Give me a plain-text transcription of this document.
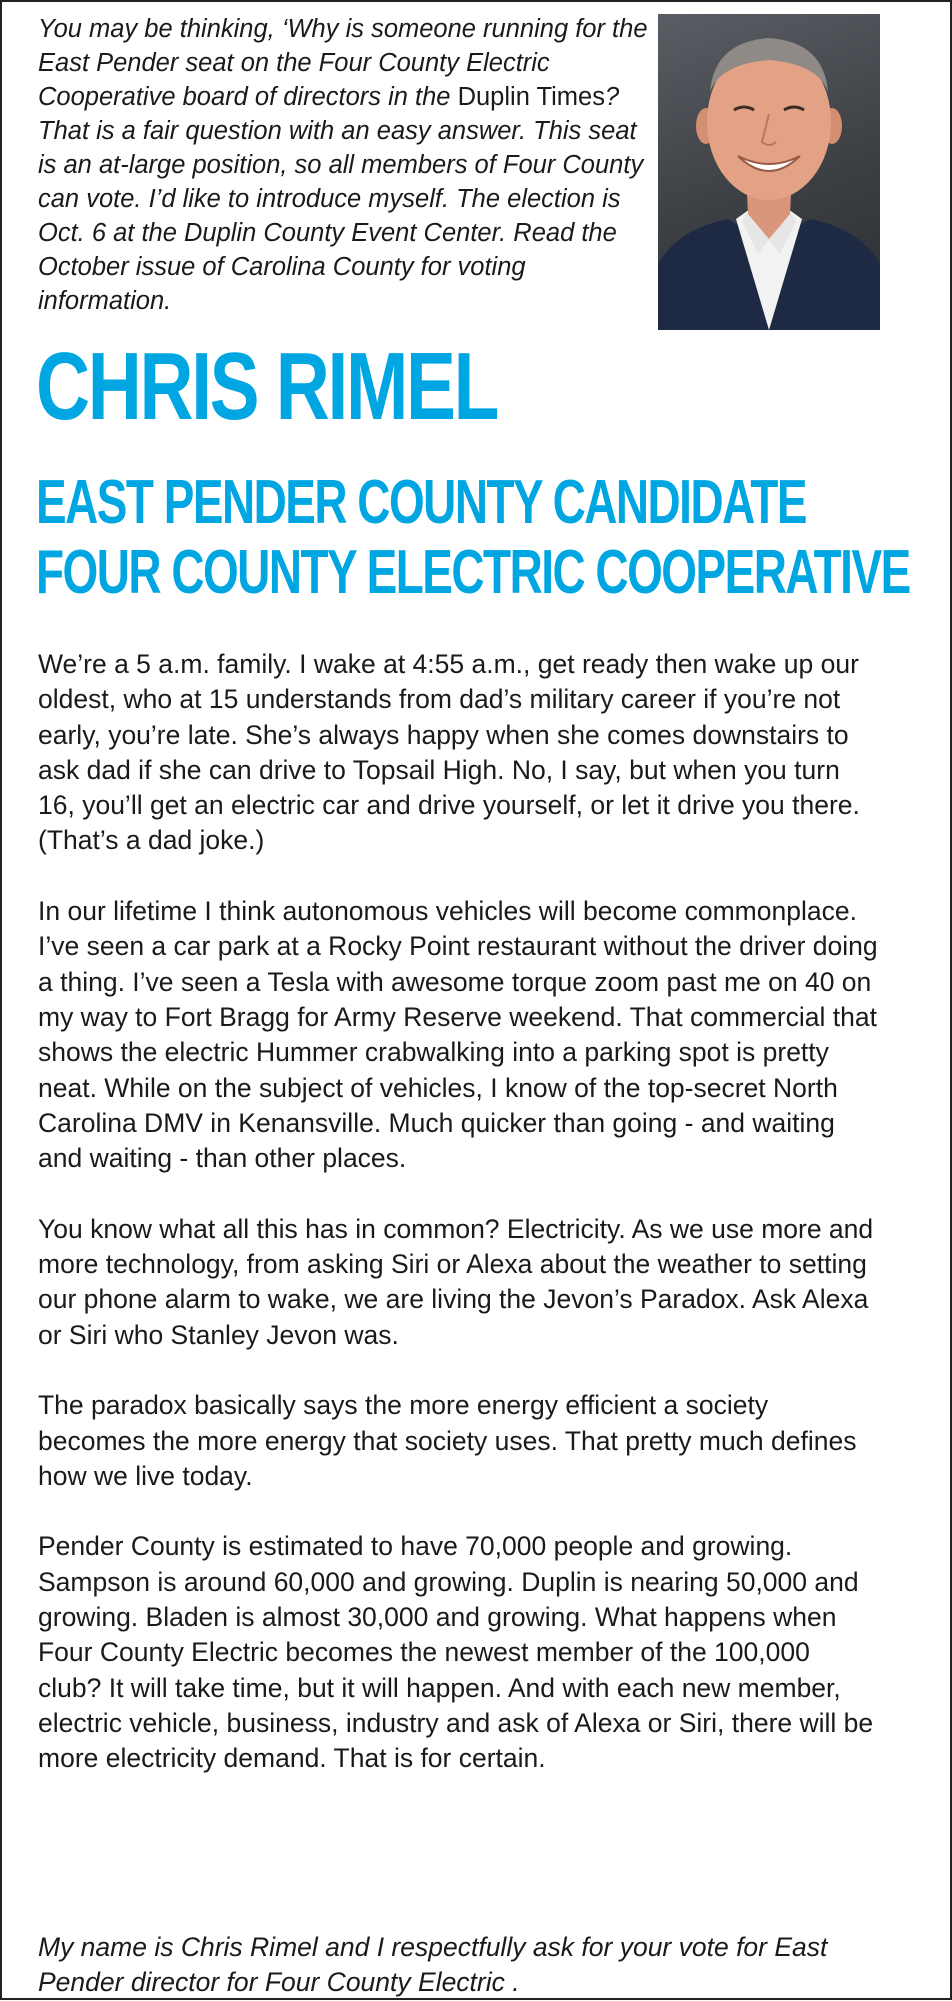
You may be thinking, ‘Why is someone running for the East Pender seat on the Four County Electric Cooperative board of directors in the Duplin Times? That is a fair question with an easy answer. This seat is an at-large position, so all members of Four County can vote. I’d like to introduce myself. The election is Oct. 6 at the Duplin County Event Center. Read the October issue of Carolina County for voting information.
CHRIS RIMEL
EAST PENDER COUNTY CANDIDATE
FOUR COUNTY ELECTRIC COOPERATIVE

We’re a 5 a.m. family. I wake at 4:55 a.m., get ready then wake up our oldest, who at 15 understands from dad’s military career if you’re not early, you’re late. She’s always happy when she comes downstairs to ask dad if she can drive to Topsail High. No, I say, but when you turn 16, you’ll get an electric car and drive yourself, or let it drive you there. (That’s a dad joke.)

In our lifetime I think autonomous vehicles will become commonplace. I’ve seen a car park at a Rocky Point restaurant without the driver doing a thing. I’ve seen a Tesla with awesome torque zoom past me on 40 on my way to Fort Bragg for Army Reserve weekend. That commercial that shows the electric Hummer crabwalking into a parking spot is pretty neat. While on the subject of vehicles, I know of the top-secret North Carolina DMV in Kenansville. Much quicker than going - and waiting and waiting - than other places.

You know what all this has in common? Electricity. As we use more and more technology, from asking Siri or Alexa about the weather to setting our phone alarm to wake, we are living the Jevon’s Paradox. Ask Alexa or Siri who Stanley Jevon was.

The paradox basically says the more energy efficient a society becomes the more energy that society uses. That pretty much defines how we live today.

Pender County is estimated to have 70,000 people and growing. Sampson is around 60,000 and growing. Duplin is nearing 50,000 and growing. Bladen is almost 30,000 and growing. What happens when Four County Electric becomes the newest member of the 100,000 club? It will take time, but it will happen. And with each new member, electric vehicle, business, industry and ask of Alexa or Siri, there will be more electricity demand. That is for certain.

My name is Chris Rimel and I respectfully ask for your vote for East Pender director for Four County Electric .
